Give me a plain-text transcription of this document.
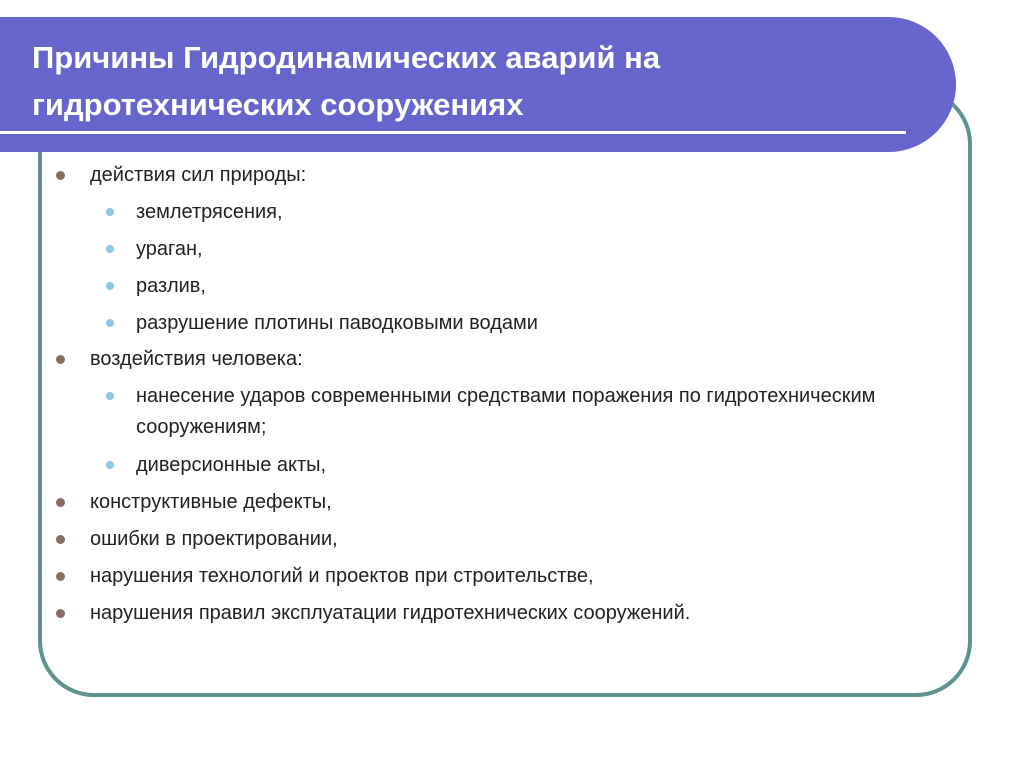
Причины Гидродинамических аварий на гидротехнических сооружениях
действия сил природы:
землетрясения,
ураган,
разлив,
разрушение плотины паводковыми водами
воздействия человека:
нанесение ударов современными средствами поражения по гидротехническим сооружениям;
диверсионные акты,
конструктивные дефекты,
ошибки в проектировании,
нарушения технологий и проектов при строительстве,
нарушения правил эксплуатации гидротехнических сооружений.
